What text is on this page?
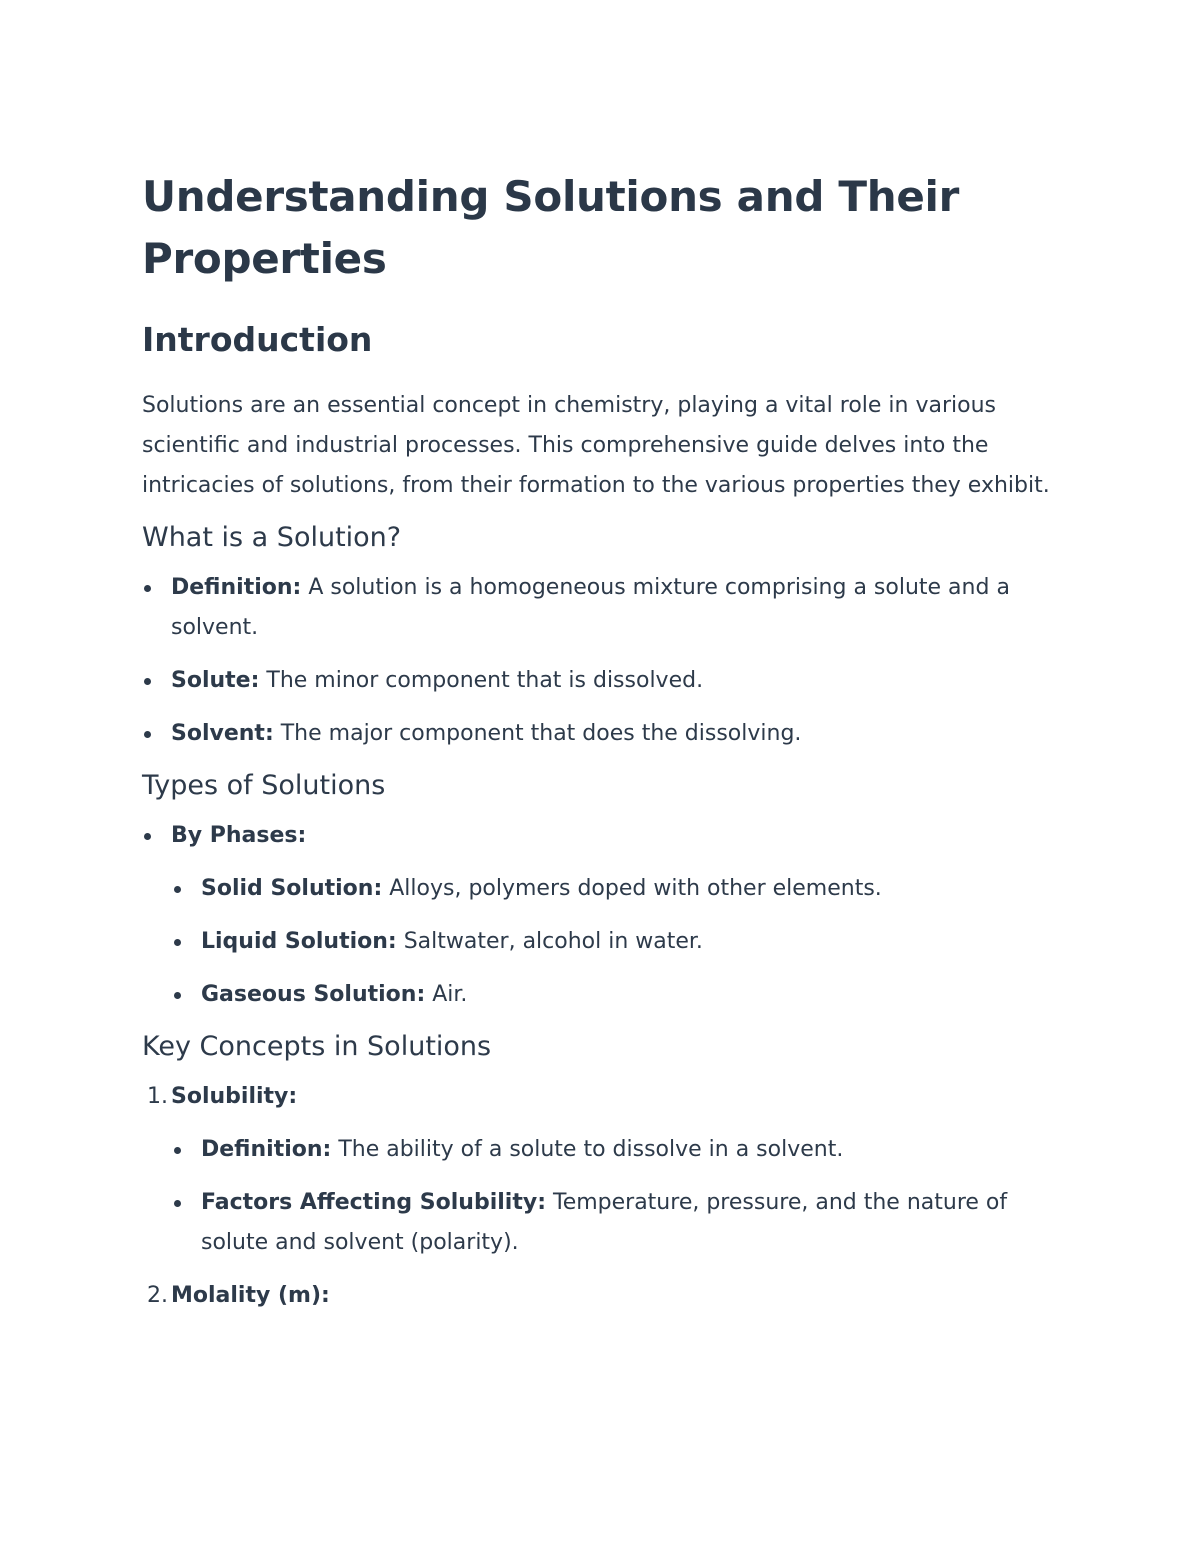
Understanding Solutions and Their Properties
Introduction

Solutions are an essential concept in chemistry, playing a vital role in various scientific and industrial processes. This comprehensive guide delves into the intricacies of solutions, from their formation to the various properties they exhibit.

What is a Solution?
Definition: A solution is a homogeneous mixture comprising a solute and a solvent.
Solute: The minor component that is dissolved.
Solvent: The major component that does the dissolving.
Types of Solutions
By Phases:
Solid Solution: Alloys, polymers doped with other elements.
Liquid Solution: Saltwater, alcohol in water.
Gaseous Solution: Air.
Key Concepts in Solutions
1. Solubility:
Definition: The ability of a solute to dissolve in a solvent.
Factors Affecting Solubility: Temperature, pressure, and the nature of solute and solvent (polarity).
2. Molality (m):
